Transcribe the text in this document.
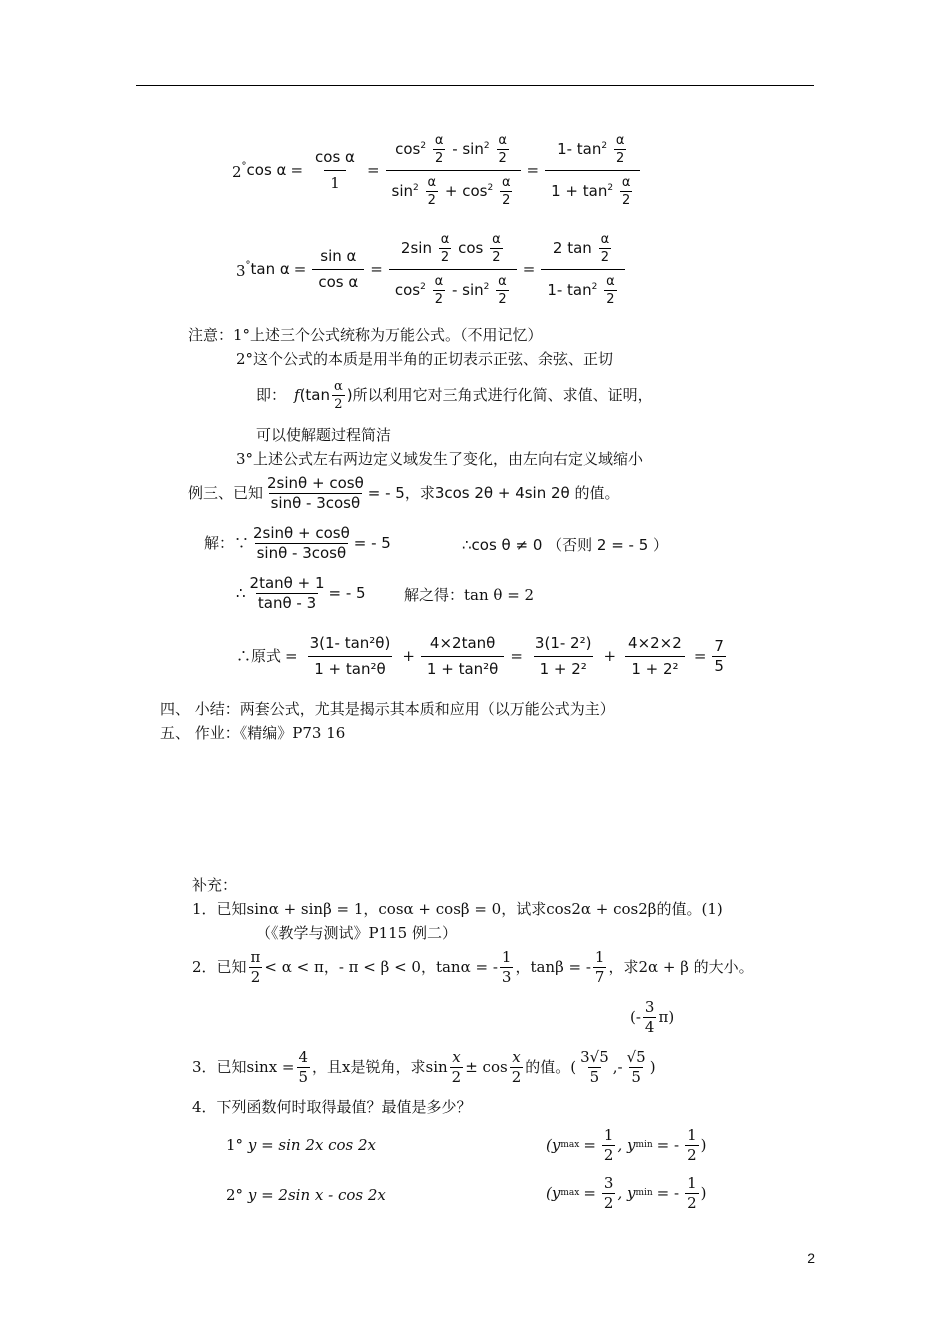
2° $\cos \alpha = \frac{\text{cos α}}{1} = \frac{\cos^2 \frac{\alpha}{2} - \sin^2 \frac{\alpha}{2}}{\sin^2 \frac{\alpha}{2} + \cos^2 \frac{\alpha}{2}} = \frac{1- \tan^2 \frac{\alpha}{2}}{1 + \tan^2 \frac{\alpha}{2}}$
3° $\tan \alpha = \frac{\text{sin α}}{\text{cos α}} = \frac{2\sin \frac{\alpha}{2} \cos \frac{\alpha}{2}}{\cos^2 \frac{\alpha}{2} - \sin^2 \frac{\alpha}{2}} = \frac{2 \tan \frac{\alpha}{2}}{1- \tan^2 \frac{\alpha}{2}}$
注意：1°上述三个公式统称为万能公式。（不用记忆）
2°这个公式的本质是用半角的正切表示正弦、余弦、正切
即： f ($\tan \frac{\alpha}{2}$ ) 所以利用它对三角式进行化简、求值、证明，
可以使解题过程简洁
3°上述公式左右两边定义域发生了变化，由左向右定义域缩小
例三、已知 $\frac{2\sin\theta + \cos\theta}{\sin\theta - 3\cos\theta}$ = - 5 ，求3cos 2θ + 4sin 2θ 的值。
解：∵ $\frac{2\sin\theta + \cos\theta}{\sin\theta - 3\cos\theta}$ = - 5	∴cos θ ≠ 0 （否则 2 = - 5 ）
∴ $\frac{2\tan\theta + 1}{\tan\theta - 3}$ = - 5	解之得：tan θ = 2
∴原式 = $\frac{\text{3(1- tan²θ)}}{\text{1 + tan²θ}} + \frac{4\times 2\tan\theta}{\text{1 + tan²θ}} = \frac{\text{3(1- 2²)}}{\text{1 + 2²}} + \frac{4\times 2\times 2}{\text{1 + 2²}} = \frac{7}{5}$
四、 小结：两套公式，尤其是揭示其本质和应用（以万能公式为主）
五、 作业：《精编》P73 16
补充：
1．已知sinα + sinβ = 1，cosα + cosβ = 0，试求cos2α + cos2β的值。(1)
（《教学与测试》P115 例二）
2．已知 $\frac{\pi}{2} < \alpha < \pi$，- π < β < 0，tanα = - $\frac{1}{3}$ ，tanβ = - $\frac{1}{7}$ ，求2α + β 的大小。
(- $\frac{3}{4} \pi$)
3．已知$\sin x = \frac{4}{5}$ ，且x是锐角，求$\sin \frac{x}{2} \pm \cos \frac{x}{2}$ 的值。( $\frac{3√5}{5}$ ,- $\frac{√5}{5}$ )
4．下列函数何时取得最值？最值是多少？
1° y = sin 2x cos 2x	(y $\max = \frac{1}{2}$ , y min = - $\frac{1}{2}$ )
2° y = 2sin x - cos 2x	(y $\max = \frac{3}{2}$ , y min = - $\frac{1}{2}$ )
2
